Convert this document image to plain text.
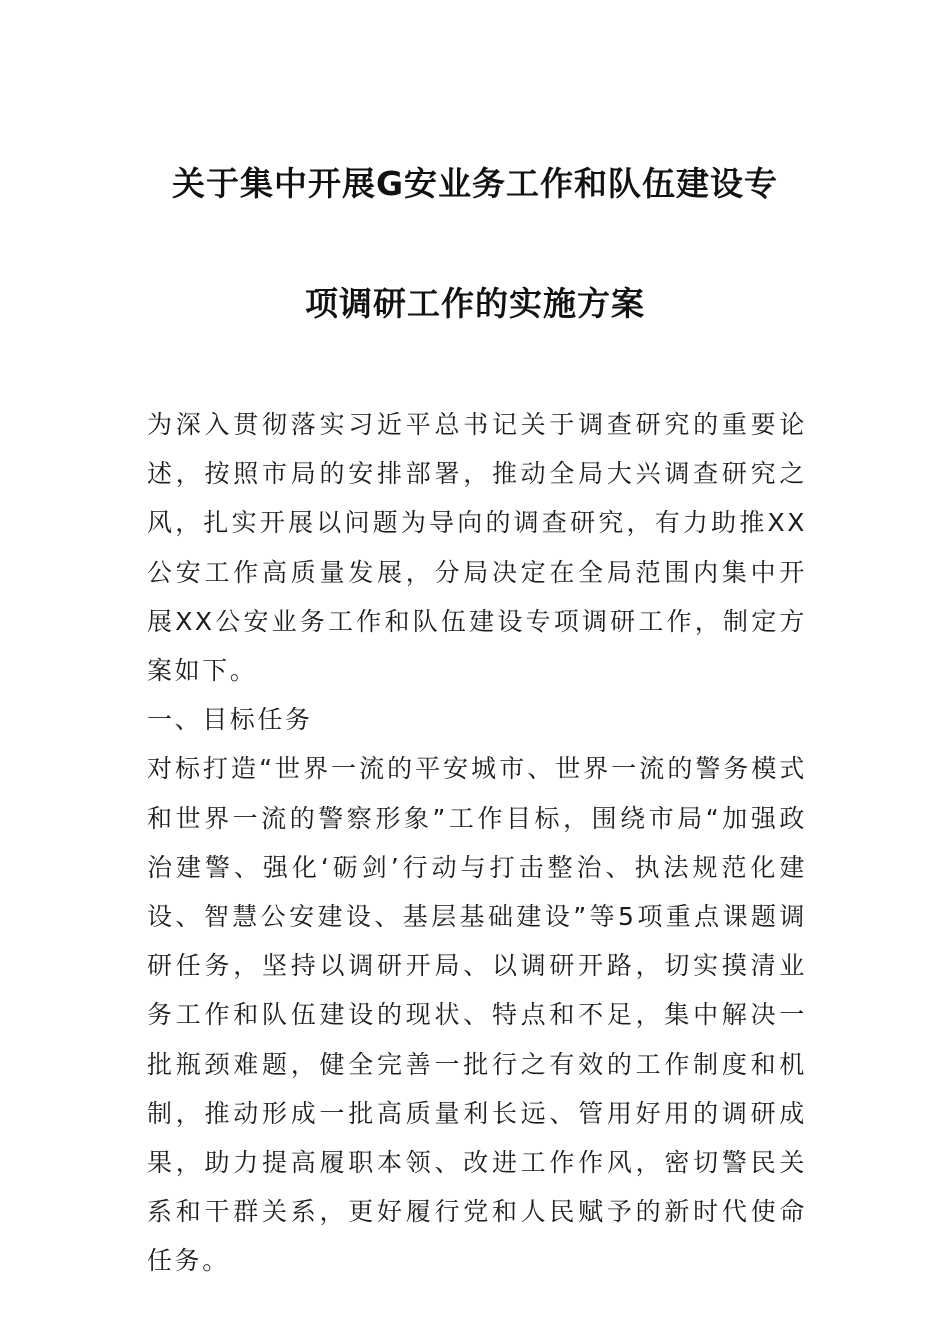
关于集中开展G安业务工作和队伍建设专
项调研工作的实施方案

为深入贯彻落实习近平总书记关于调查研究的重要论述，按照市局的安排部署，推动全局大兴调查研究之风，扎实开展以问题为导向的调查研究，有力助推XX公安工作高质量发展，分局决定在全局范围内集中开展XX公安业务工作和队伍建设专项调研工作，制定方案如下。

一、目标任务

对标打造“世界一流的平安城市、世界一流的警务模式和世界一流的警察形象”工作目标，围绕市局“加强政治建警、强化‘砺剑’行动与打击整治、执法规范化建设、智慧公安建设、基层基础建设”等5项重点课题调研任务，坚持以调研开局、以调研开路，切实摸清业务工作和队伍建设的现状、特点和不足，集中解决一批瓶颈难题，健全完善一批行之有效的工作制度和机制，推动形成一批高质量利长远、管用好用的调研成果，助力提高履职本领、改进工作作风，密切警民关系和干群关系，更好履行党和人民赋予的新时代使命任务。
